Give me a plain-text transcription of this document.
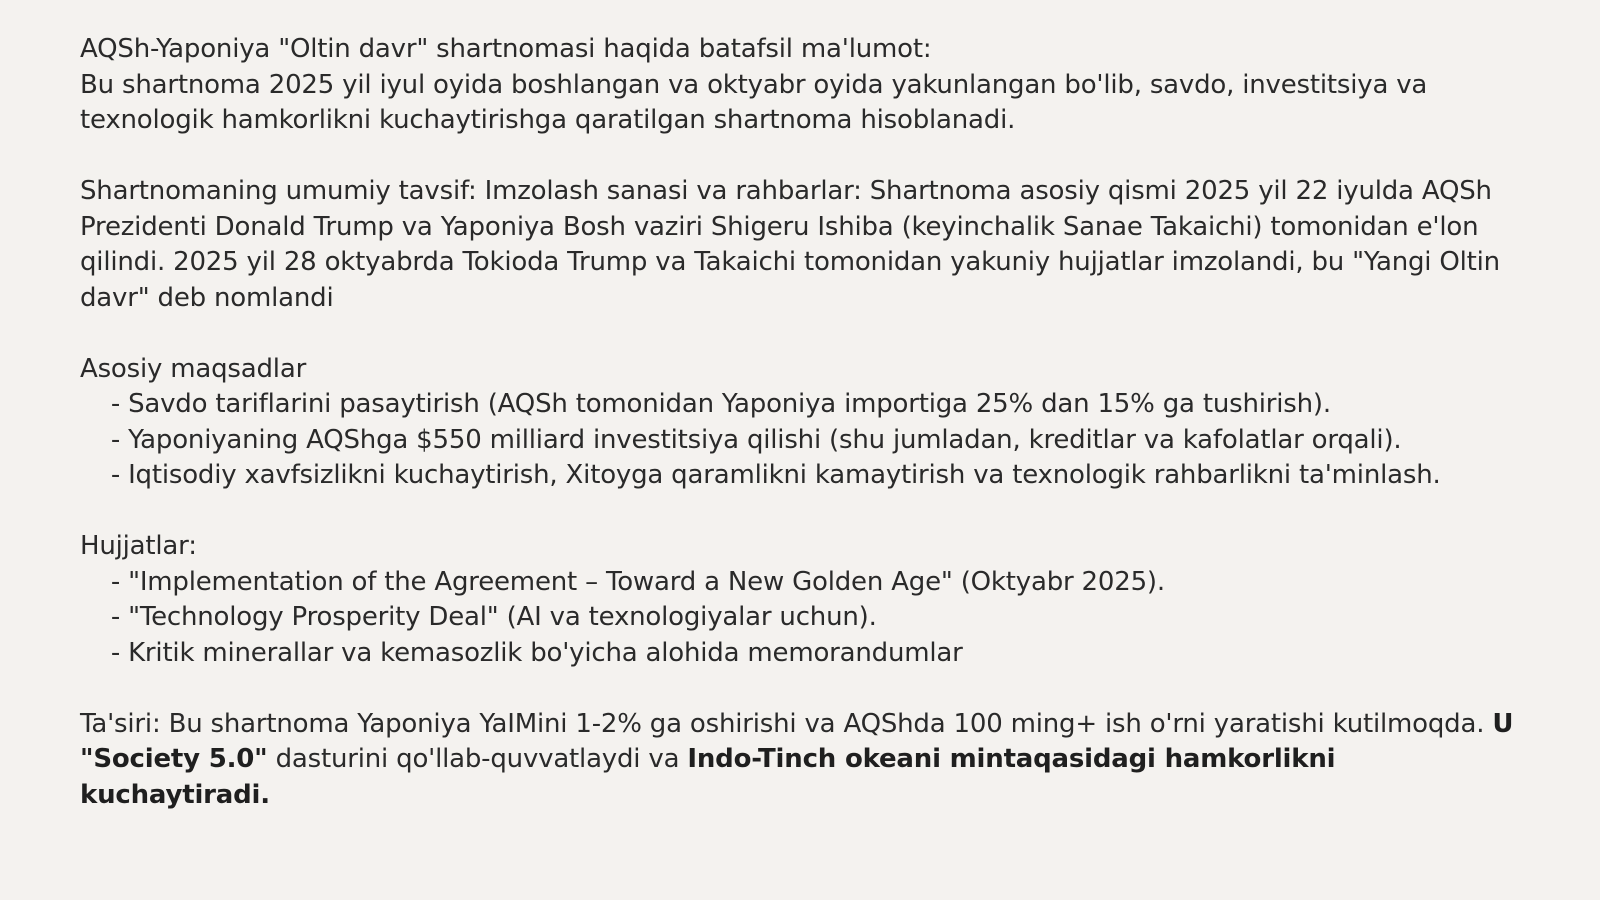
AQSh-Yaponiya "Oltin davr" shartnomasi haqida batafsil ma'lumot:

Bu shartnoma 2025 yil iyul oyida boshlangan va oktyabr oyida yakunlangan bo'lib, savdo, investitsiya va texnologik hamkorlikni kuchaytirishga qaratilgan shartnoma hisoblanadi.

Shartnomaning umumiy tavsif: Imzolash sanasi va rahbarlar: Shartnoma asosiy qismi 2025 yil 22 iyulda AQSh Prezidenti Donald Trump va Yaponiya Bosh vaziri Shigeru Ishiba (keyinchalik Sanae Takaichi) tomonidan e'lon qilindi. 2025 yil 28 oktyabrda Tokioda Trump va Takaichi tomonidan yakuniy hujjatlar imzolandi, bu "Yangi Oltin davr" deb nomlandi

Asosiy maqsadlar

- Savdo tariflarini pasaytirish (AQSh tomonidan Yaponiya importiga 25% dan 15% ga tushirish).

- Yaponiyaning AQShga $550 milliard investitsiya qilishi (shu jumladan, kreditlar va kafolatlar orqali).

- Iqtisodiy xavfsizlikni kuchaytirish, Xitoyga qaramlikni kamaytirish va texnologik rahbarlikni ta'minlash.

Hujjatlar:

- "Implementation of the Agreement – Toward a New Golden Age" (Oktyabr 2025).

- "Technology Prosperity Deal" (AI va texnologiyalar uchun).

- Kritik minerallar va kemasozlik bo'yicha alohida memorandumlar

Ta'siri: Bu shartnoma Yaponiya YaIMini 1-2% ga oshirishi va AQShda 100 ming+ ish o'rni yaratishi kutilmoqda. U "Society 5.0" dasturini qo'llab-quvvatlaydi va Indo-Tinch okeani mintaqasidagi hamkorlikni kuchaytiradi.
